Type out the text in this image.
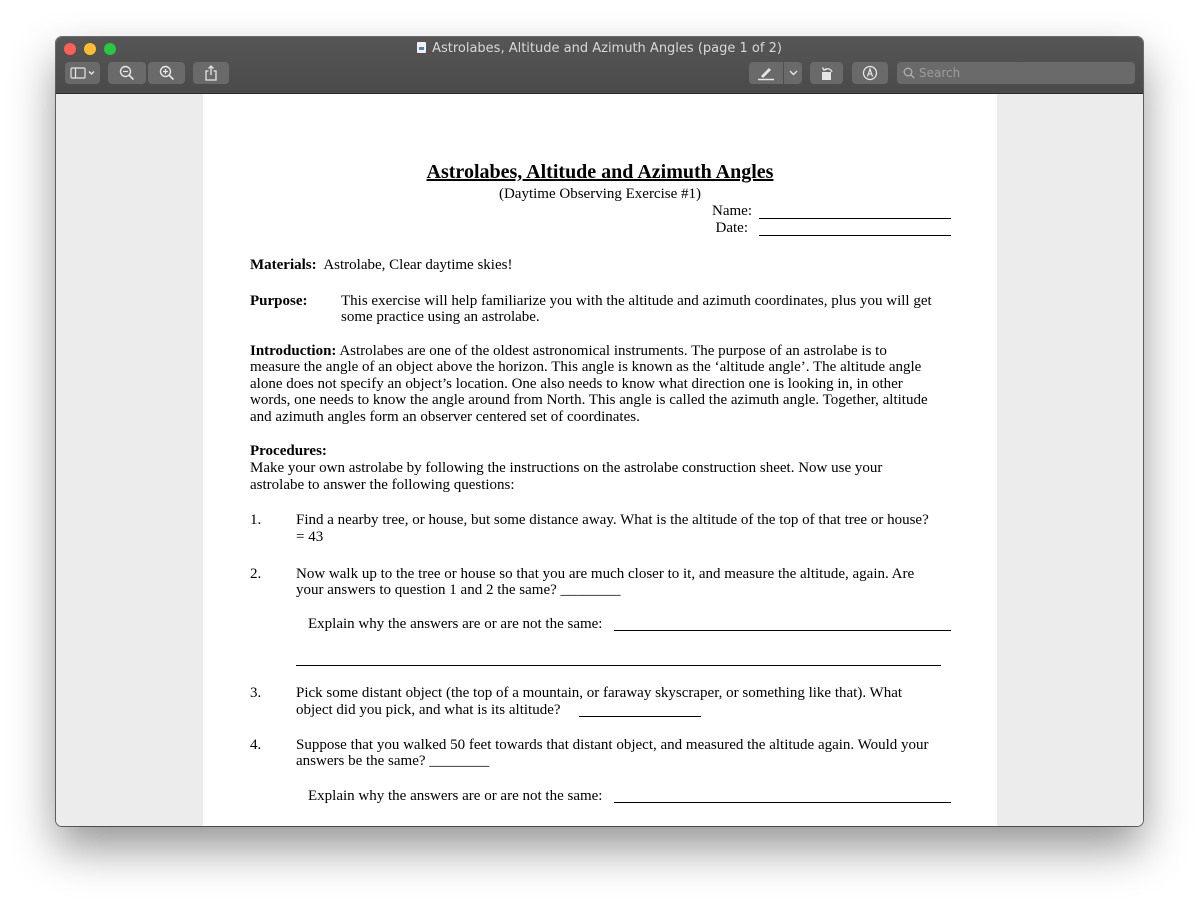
Astrolabes, Altitude and Azimuth Angles (page 1 of 2)
Search
Astrolabes, Altitude and Azimuth Angles

(Daytime Observing Exercise #1)

Name:
Date:

Materials: Astrolabe, Clear daytime skies!

Purpose: This exercise will help familiarize you with the altitude and azimuth coordinates, plus you will get

some practice using an astrolabe.

Introduction: Astrolabes are one of the oldest astronomical instruments. The purpose of an astrolabe is to

measure the angle of an object above the horizon. This angle is known as the ‘altitude angle’. The altitude angle

alone does not specify an object’s location. One also needs to know what direction one is looking in, in other

words, one needs to know the angle around from North. This angle is called the azimuth angle. Together, altitude

and azimuth angles form an observer centered set of coordinates.

Procedures:

Make your own astrolabe by following the instructions on the astrolabe construction sheet. Now use your

astrolabe to answer the following questions:

1. Find a nearby tree, or house, but some distance away. What is the altitude of the top of that tree or house?

= 43

2. Now walk up to the tree or house so that you are much closer to it, and measure the altitude, again. Are

your answers to question 1 and 2 the same? ________

Explain why the answers are or are not the same:

3. Pick some distant object (the top of a mountain, or faraway skyscraper, or something like that). What

object did you pick, and what is its altitude?

4. Suppose that you walked 50 feet towards that distant object, and measured the altitude again. Would your

answers be the same? ________

Explain why the answers are or are not the same:
